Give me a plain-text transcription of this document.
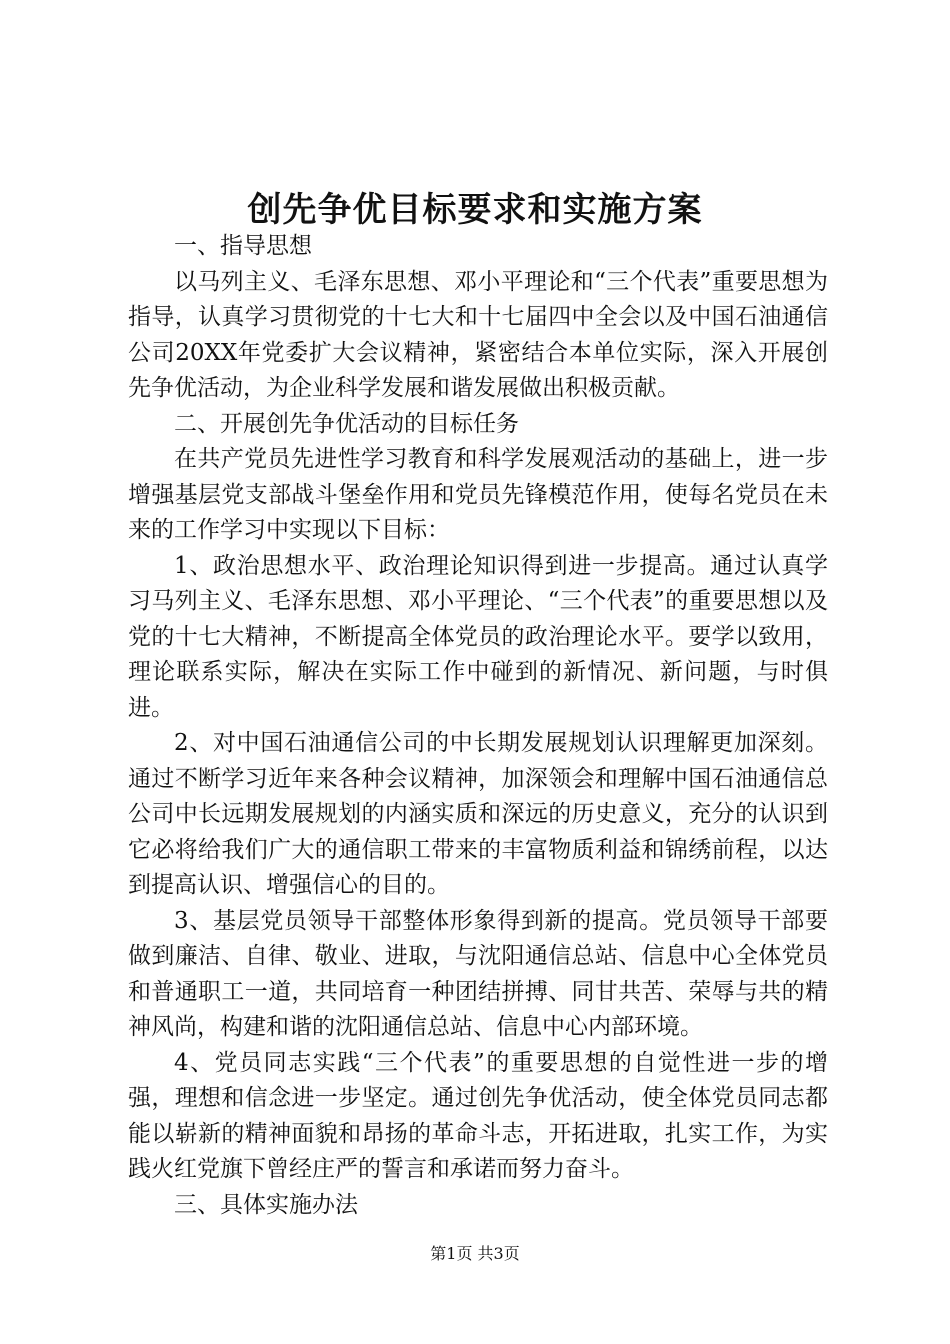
创先争优目标要求和实施方案

一、指导思想

以马列主义、毛泽东思想、邓小平理论和“三个代表”重要思想为指导，认真学习贯彻党的十七大和十七届四中全会以及中国石油通信公司20XX年党委扩大会议精神，紧密结合本单位实际，深入开展创先争优活动，为企业科学发展和谐发展做出积极贡献。

二、开展创先争优活动的目标任务

在共产党员先进性学习教育和科学发展观活动的基础上，进一步增强基层党支部战斗堡垒作用和党员先锋模范作用，使每名党员在未来的工作学习中实现以下目标：

1、政治思想水平、政治理论知识得到进一步提高。通过认真学习马列主义、毛泽东思想、邓小平理论、“三个代表”的重要思想以及党的十七大精神，不断提高全体党员的政治理论水平。要学以致用，理论联系实际，解决在实际工作中碰到的新情况、新问题，与时俱进。

2、对中国石油通信公司的中长期发展规划认识理解更加深刻。通过不断学习近年来各种会议精神，加深领会和理解中国石油通信总公司中长远期发展规划的内涵实质和深远的历史意义，充分的认识到它必将给我们广大的通信职工带来的丰富物质利益和锦绣前程，以达到提高认识、增强信心的目的。

3、基层党员领导干部整体形象得到新的提高。党员领导干部要做到廉洁、自律、敬业、进取，与沈阳通信总站、信息中心全体党员和普通职工一道，共同培育一种团结拼搏、同甘共苦、荣辱与共的精神风尚，构建和谐的沈阳通信总站、信息中心内部环境。

4、党员同志实践“三个代表”的重要思想的自觉性进一步的增强，理想和信念进一步坚定。通过创先争优活动，使全体党员同志都能以崭新的精神面貌和昂扬的革命斗志，开拓进取，扎实工作，为实践火红党旗下曾经庄严的誓言和承诺而努力奋斗。

三、具体实施办法

第1页 共3页
